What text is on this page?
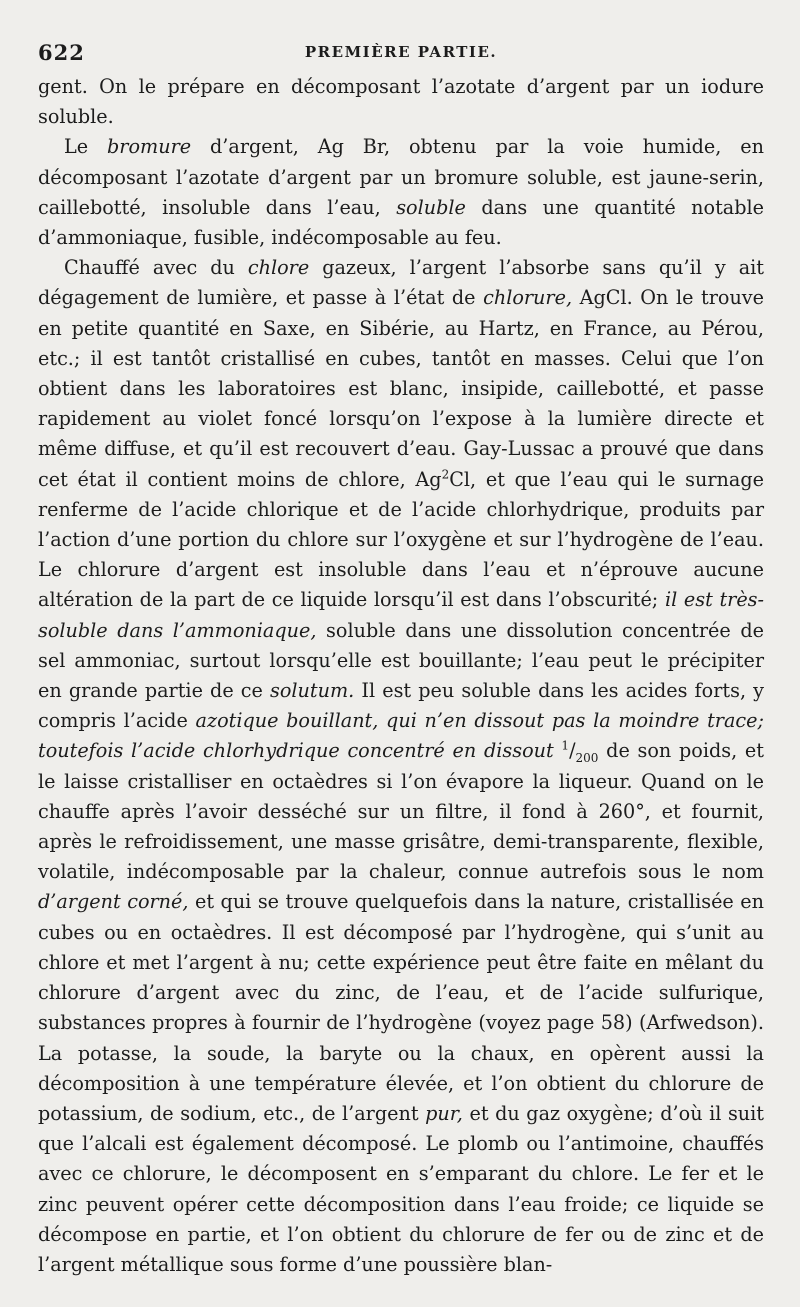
622	PREMIÈRE PARTIE.

gent. On le prépare en décomposant l’azotate d’argent par un iodure soluble.

Le bromure d’argent, Ag Br, obtenu par la voie humide, en décomposant l’azotate d’argent par un bromure soluble, est jaune-serin, caillebotté, insoluble dans l’eau, soluble dans une quantité notable d’ammoniaque, fusible, indécomposable au feu.

Chauffé avec du chlore gazeux, l’argent l’absorbe sans qu’il y ait dégagement de lumière, et passe à l’état de chlorure, AgCl. On le trouve en petite quantité en Saxe, en Sibérie, au Hartz, en France, au Pérou, etc.; il est tantôt cristallisé en cubes, tantôt en masses. Celui que l’on obtient dans les laboratoires est blanc, insipide, caillebotté, et passe rapidement au violet foncé lorsqu’on l’expose à la lumière directe et même diffuse, et qu’il est recouvert d’eau. Gay-Lussac a prouvé que dans cet état il contient moins de chlore, Ag$^2$Cl, et que l’eau qui le surnage renferme de l’acide chlorique et de l’acide chlorhydrique, produits par l’action d’une portion du chlore sur l’oxygène et sur l’hydrogène de l’eau. Le chlorure d’argent est insoluble dans l’eau et n’éprouve aucune altération de la part de ce liquide lorsqu’il est dans l’obscurité; il est très-soluble dans l’ammoniaque, soluble dans une dissolution concentrée de sel ammoniac, surtout lorsqu’elle est bouillante; l’eau peut le précipiter en grande partie de ce solutum. Il est peu soluble dans les acides forts, y compris l’acide azotique bouillant, qui n’en dissout pas la moindre trace; toutefois l’acide chlorhydrique concentré en dissout $^1/_{200}$ de son poids, et le laisse cristalliser en octaèdres si l’on évapore la liqueur. Quand on le chauffe après l’avoir desséché sur un filtre, il fond à 260°, et fournit, après le refroidissement, une masse grisâtre, demi-transparente, flexible, volatile, indécomposable par la chaleur, connue autrefois sous le nom d’argent corné, et qui se trouve quelquefois dans la nature, cristallisée en cubes ou en octaèdres. Il est décomposé par l’hydrogène, qui s’unit au chlore et met l’argent à nu; cette expérience peut être faite en mêlant du chlorure d’argent avec du zinc, de l’eau, et de l’acide sulfurique, substances propres à fournir de l’hydrogène (voyez page 58) (Arfwedson). La potasse, la soude, la baryte ou la chaux, en opèrent aussi la décomposition à une température élevée, et l’on obtient du chlorure de potassium, de sodium, etc., de l’argent pur, et du gaz oxygène; d’où il suit que l’alcali est également décomposé. Le plomb ou l’antimoine, chauffés avec ce chlorure, le décomposent en s’emparant du chlore. Le fer et le zinc peuvent opérer cette décomposition dans l’eau froide; ce liquide se décompose en partie, et l’on obtient du chlorure de fer ou de zinc et de l’argent métallique sous forme d’une poussière blan-
